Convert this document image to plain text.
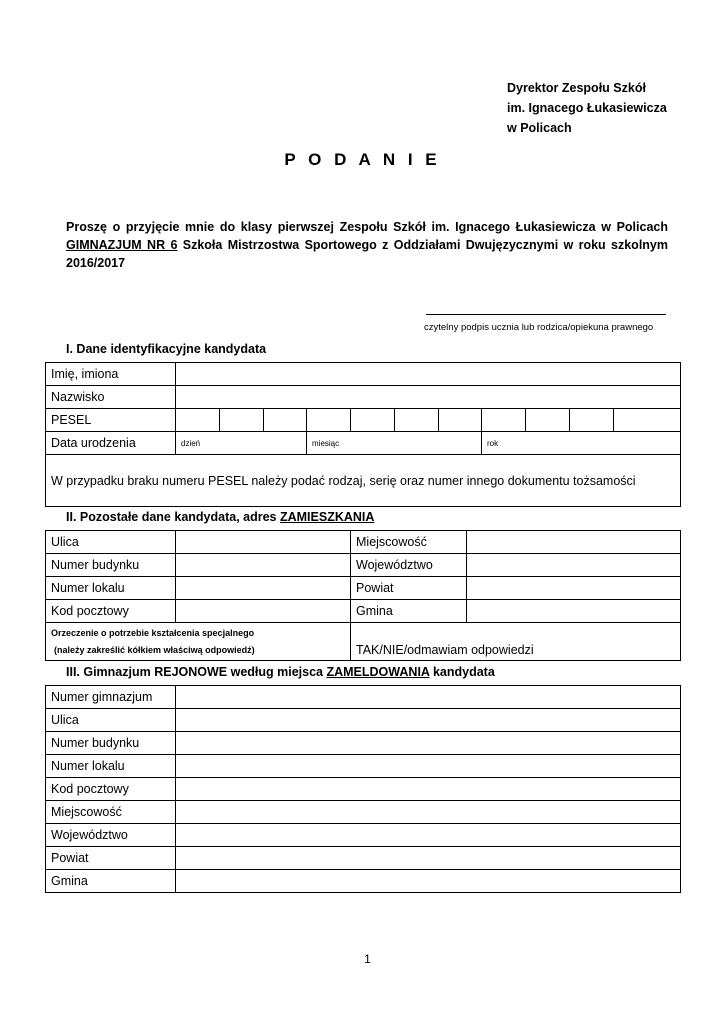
Dyrektor Zespołu Szkół
im. Ignacego Łukasiewicza
w Policach
P O D A N I E
Proszę o przyjęcie mnie do klasy pierwszej Zespołu Szkół im. Ignacego Łukasiewicza w Policach GIMNAZJUM NR 6 Szkoła Mistrzostwa Sportowego z Oddziałami Dwujęzycznymi w roku szkolnym 2016/2017
czytelny podpis ucznia lub rodzica/opiekuna prawnego
I. Dane identyfikacyjne kandydata
Imię, imiona											
Nazwisko											
PESEL											
Data urodzenia	dzień			miesiąc				rok			
W przypadku braku numeru PESEL należy podać rodzaj, serię oraz numer innego dokumentu tożsamości											
II. Pozostałe dane kandydata, adres ZAMIESZKANIA
Ulica		Miejscowość	
Numer budynku		Województwo	
Numer lokalu		Powiat	
Kod pocztowy		Gmina	

Orzeczenie o potrzebie kształcenia specjalnego
(należy zakreślić kółkiem właściwą odpowiedź)		TAK/NIE/odmawiam odpowiedzi	
III. Gimnazjum REJONOWE według miejsca ZAMELDOWANIA kandydata
Numer gimnazjum	
Ulica	
Numer budynku	
Numer lokalu	
Kod pocztowy	
Miejscowość	
Województwo	
Powiat	
Gmina	
1
